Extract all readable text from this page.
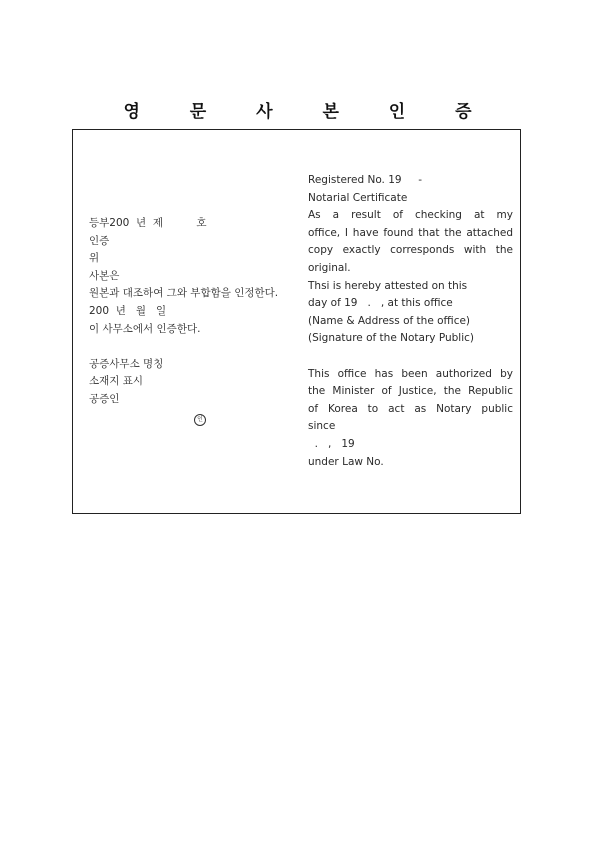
영 문 사 본 인 증
등부200  년  제          호
인증
위
사본은
원본과 대조하여 그와 부합함을 인정한다.
200  년   월   일
이 사무소에서 인증한다.
공증사무소 명칭
소재지 표시
공증인
인
Registered No. 19     -
Notarial Certificate
As a result of checking at my
office, I have found that the attached
copy exactly corresponds with the
original.
Thsi is hereby attested on this
day of 19   .   , at this office
(Name & Address of the office)
(Signature of the Notary Public)
This office has been authorized by
the Minister of Justice, the Republic
of Korea to act as Notary public
since
.   ,   19
under Law No.
